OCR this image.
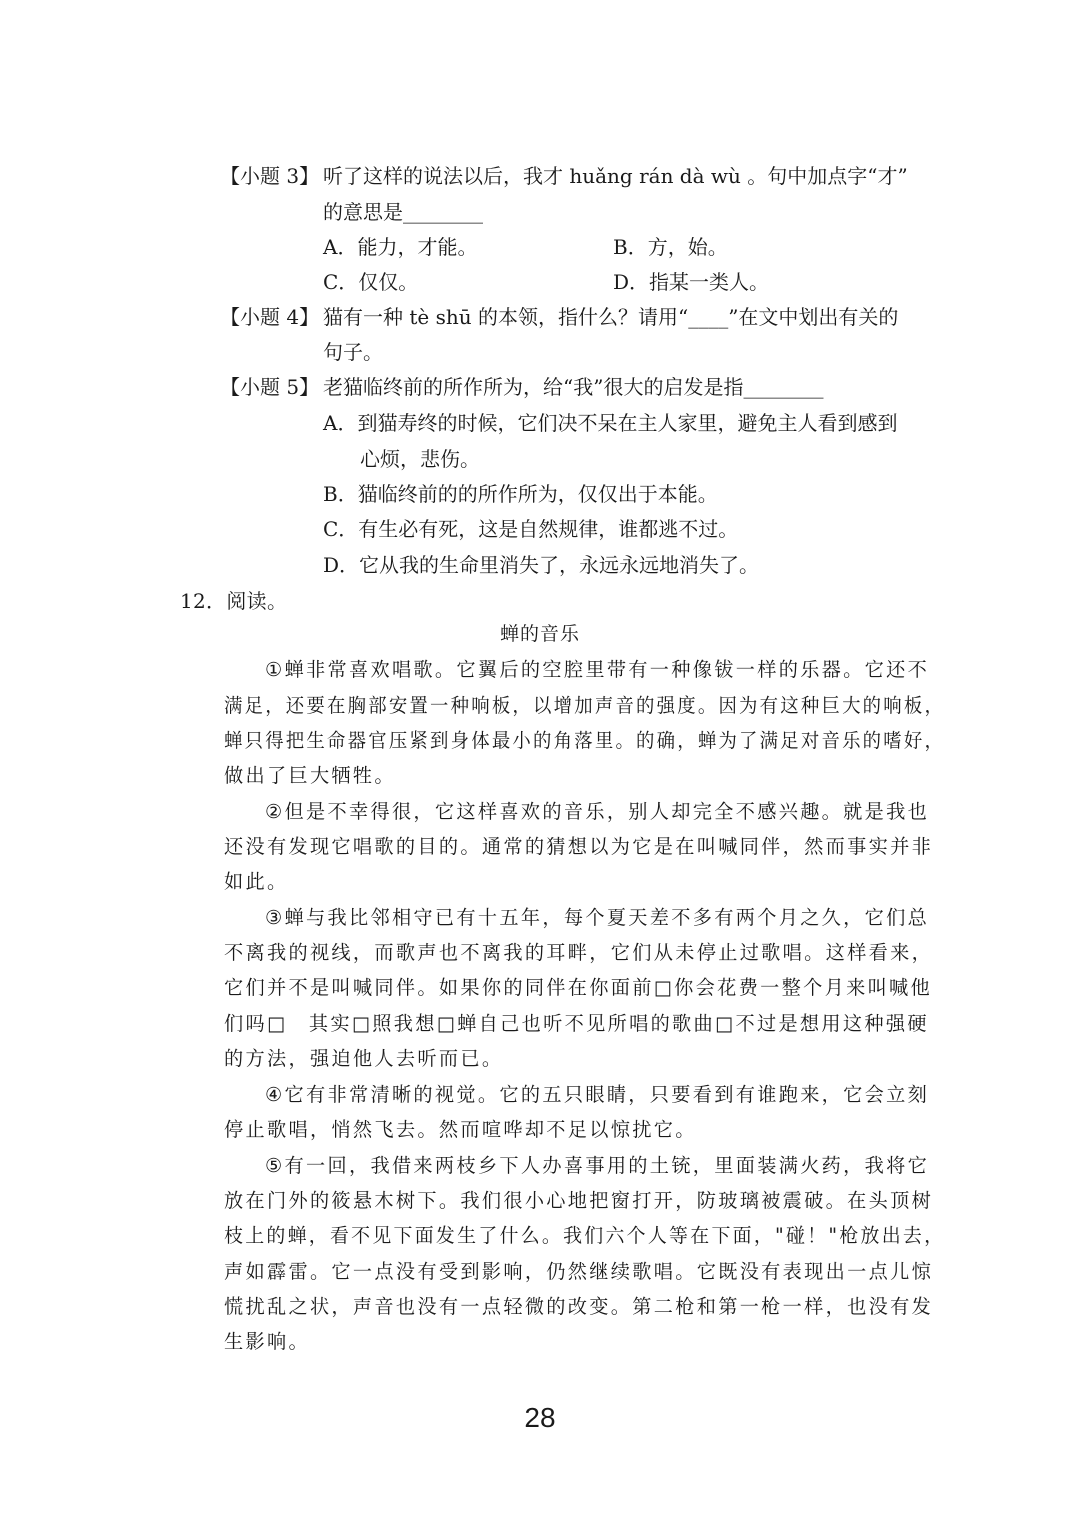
【小题 3】 听了这样的说法以后，我才 huǎng rán dà wù 。句中加点字“才”
的意思是________
A．能力，才能。	B．方，始。
C．仅仅。	D．指某一类人。
【小题 4】 猫有一种 tè shū 的本领，指什么？请用“____”在文中划出有关的
句子。
【小题 5】 老猫临终前的所作所为，给“我”很大的启发是指________
A．到猫寿终的时候，它们决不呆在主人家里，避免主人看到感到
心烦，悲伤。
B．猫临终前的的所作所为，仅仅出于本能。
C．有生必有死，这是自然规律，谁都逃不过。
D．它从我的生命里消失了，永远永远地消失了。
12．阅读。
蝉的音乐
①蝉非常喜欢唱歌。它翼后的空腔里带有一种像钹一样的乐器。它还不
满足，还要在胸部安置一种响板，以增加声音的强度。因为有这种巨大的响板，
蝉只得把生命器官压紧到身体最小的角落里。的确，蝉为了满足对音乐的嗜好，
做出了巨大牺牲。
②但是不幸得很，它这样喜欢的音乐，别人却完全不感兴趣。就是我也
还没有发现它唱歌的目的。通常的猜想以为它是在叫喊同伴，然而事实并非
如此。
③蝉与我比邻相守已有十五年，每个夏天差不多有两个月之久，它们总
不离我的视线，而歌声也不离我的耳畔，它们从未停止过歌唱。这样看来，
它们并不是叫喊同伴。如果你的同伴在你面前□你会花费一整个月来叫喊他
们吗□　其实□照我想□蝉自己也听不见所唱的歌曲□不过是想用这种强硬
的方法，强迫他人去听而已。
④它有非常清晰的视觉。它的五只眼睛，只要看到有谁跑来，它会立刻
停止歌唱，悄然飞去。然而喧哗却不足以惊扰它。
⑤有一回，我借来两枝乡下人办喜事用的土铳，里面装满火药，我将它
放在门外的筱悬木树下。我们很小心地把窗打开，防玻璃被震破。在头顶树
枝上的蝉，看不见下面发生了什么。我们六个人等在下面，"碰！"枪放出去，
声如霹雷。它一点没有受到影响，仍然继续歌唱。它既没有表现出一点儿惊
慌扰乱之状，声音也没有一点轻微的改变。第二枪和第一枪一样，也没有发
生影响。
28
